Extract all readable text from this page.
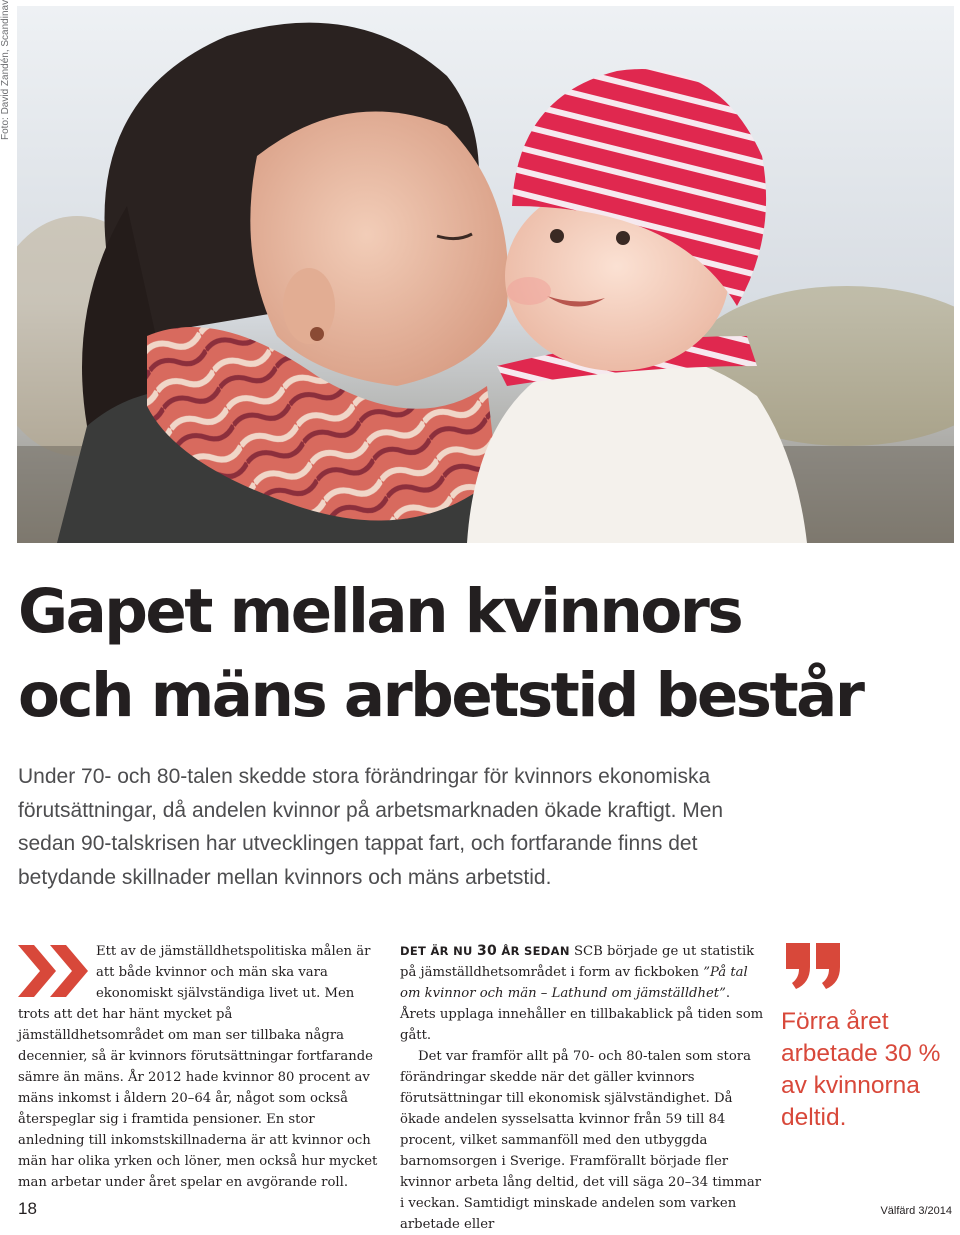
Foto: David Zandén, Scandinav
Gapet mellan kvinnors
och mäns arbetstid består

Under 70- och 80-talen skedde stora förändringar för kvinnors ekonomiska förutsättningar, då andelen kvinnor på arbetsmarknaden ökade kraftigt. Men sedan 90-talskrisen har utvecklingen tappat fart, och fortfarande finns det betydande skillnader mellan kvinnors och mäns arbetstid.

Ett av de jämställdhetspolitiska målen är att både kvinnor och män ska vara ekonomiskt självständiga livet ut. Men trots att det har hänt mycket på jämställdhetsområdet om man ser tillbaka några decennier, så är kvinnors förutsättningar fortfarande sämre än mäns. År 2012 hade kvinnor 80 procent av mäns inkomst i åldern 20–64 år, något som också återspeglar sig i framtida pensioner. En stor anledning till inkomstskillnaderna är att kvinnor och män har olika yrken och löner, men också hur mycket man arbetar under året spelar en avgörande roll.

DET ÄR NU 30 ÅR SEDAN SCB började ge ut statistik på jämställdhetsområdet i form av fickboken ”På tal om kvinnor och män – Lathund om jämställdhet”. Årets upplaga innehåller en tillbakablick på tiden som gått.

Det var framför allt på 70- och 80-talen som stora förändringar skedde när det gäller kvinnors förutsättningar till ekonomisk självständighet. Då ökade andelen sysselsatta kvinnor från 59 till 84 procent, vilket sammanföll med den utbyggda barnomsorgen i Sverige. Framförallt började fler kvinnor arbeta lång deltid, det vill säga 20–34 timmar i veckan. Samtidigt minskade andelen som varken arbetade eller

Förra året arbetade 30 % av kvinnorna deltid.

18	Välfärd 3/2014
